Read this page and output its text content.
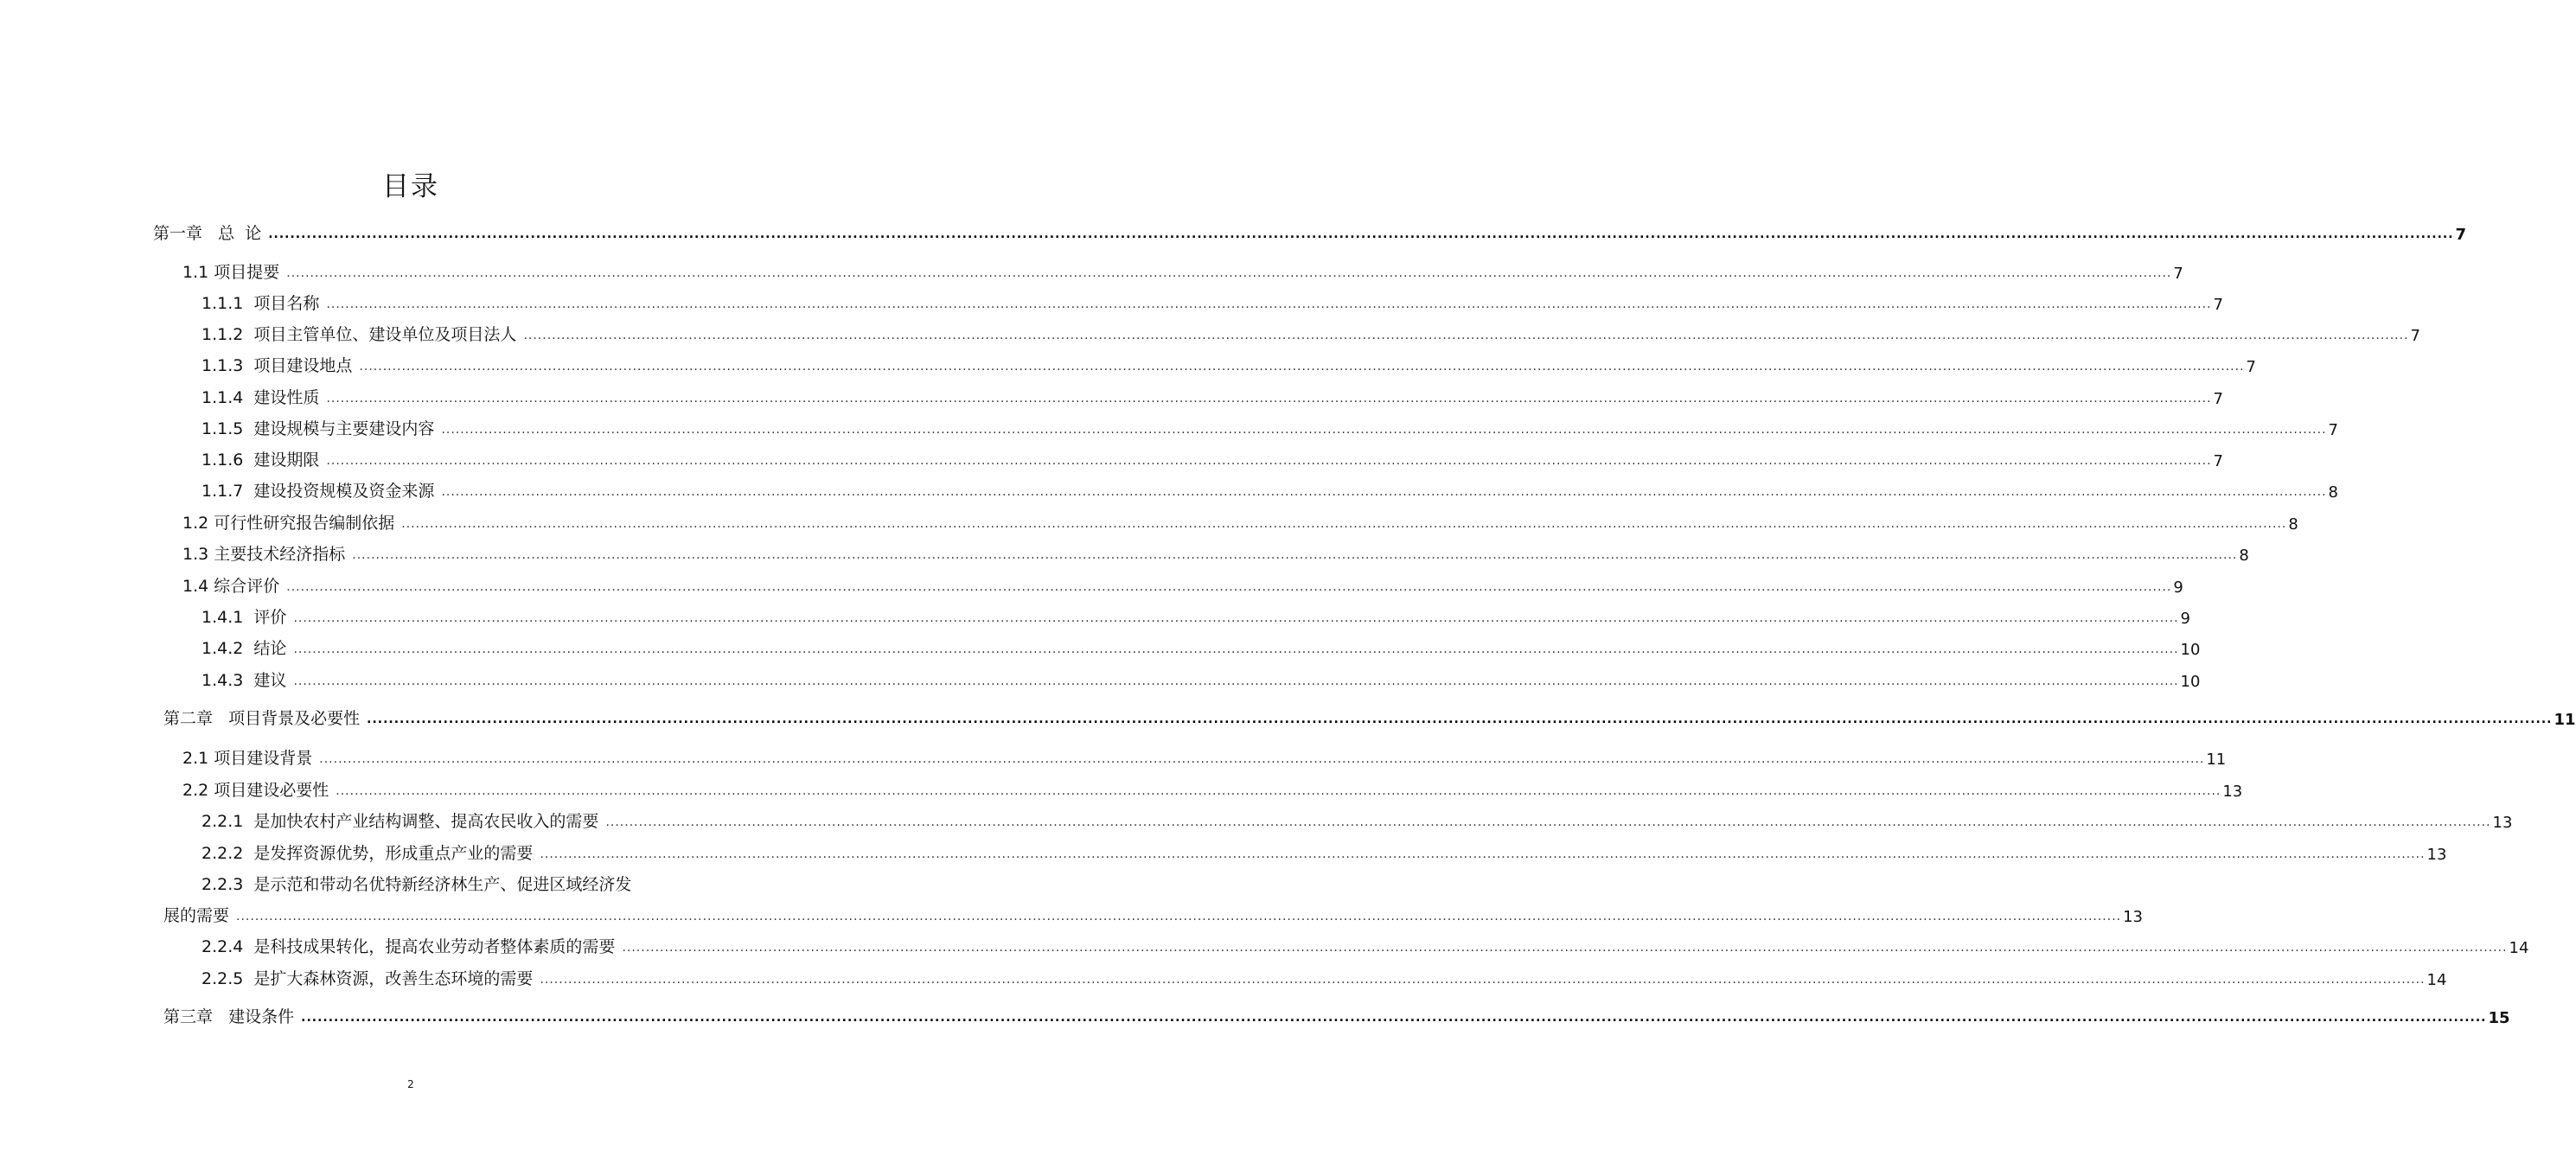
目录
第一章   总  论 ................................................................................................................................................................................................................................................................................................................................................................................................................ 7
1.1 项目提要 ................................................................................................................................................................................................................................................................................................................................................................................................................ 7
1.1.1  项目名称 ................................................................................................................................................................................................................................................................................................................................................................................................................ 7
1.1.2  项目主管单位、建设单位及项目法人 ................................................................................................................................................................................................................................................................................................................................................................................................................ 7
1.1.3  项目建设地点 ................................................................................................................................................................................................................................................................................................................................................................................................................ 7
1.1.4  建设性质 ................................................................................................................................................................................................................................................................................................................................................................................................................ 7
1.1.5  建设规模与主要建设内容 ................................................................................................................................................................................................................................................................................................................................................................................................................ 7
1.1.6  建设期限 ................................................................................................................................................................................................................................................................................................................................................................................................................ 7
1.1.7  建设投资规模及资金来源 ................................................................................................................................................................................................................................................................................................................................................................................................................ 8
1.2 可行性研究报告编制依据 ................................................................................................................................................................................................................................................................................................................................................................................................................ 8
1.3 主要技术经济指标 ................................................................................................................................................................................................................................................................................................................................................................................................................ 8
1.4 综合评价 ................................................................................................................................................................................................................................................................................................................................................................................................................ 9
1.4.1  评价 ................................................................................................................................................................................................................................................................................................................................................................................................................ 9
1.4.2  结论 ................................................................................................................................................................................................................................................................................................................................................................................................................ 10
1.4.3  建议 ................................................................................................................................................................................................................................................................................................................................................................................................................ 10
第二章   项目背景及必要性 ................................................................................................................................................................................................................................................................................................................................................................................................................ 11
2.1 项目建设背景 ................................................................................................................................................................................................................................................................................................................................................................................................................ 11
2.2 项目建设必要性 ................................................................................................................................................................................................................................................................................................................................................................................................................ 13
2.2.1  是加快农村产业结构调整、提高农民收入的需要 ................................................................................................................................................................................................................................................................................................................................................................................................................ 13
2.2.2  是发挥资源优势，形成重点产业的需要 ................................................................................................................................................................................................................................................................................................................................................................................................................ 13
2.2.3  是示范和带动名优特新经济林生产、促进区域经济发
展的需要 ................................................................................................................................................................................................................................................................................................................................................................................................................ 13
2.2.4  是科技成果转化，提高农业劳动者整体素质的需要 ................................................................................................................................................................................................................................................................................................................................................................................................................ 14
2.2.5  是扩大森林资源，改善生态环境的需要 ................................................................................................................................................................................................................................................................................................................................................................................................................ 14
第三章   建设条件 ................................................................................................................................................................................................................................................................................................................................................................................................................ 15
2
